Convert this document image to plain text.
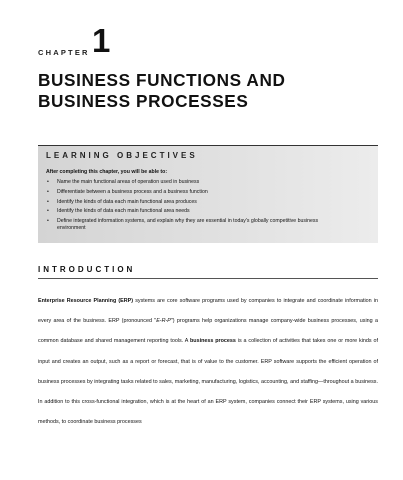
CHAPTER 1
BUSINESS FUNCTIONS AND
BUSINESS PROCESSES
LEARNING OBJECTIVES
After completing this chapter, you will be able to:
• Name the main functional areas of operation used in business
• Differentiate between a business process and a business function
• Identify the kinds of data each main functional area produces
• Identify the kinds of data each main functional area needs
• Define integrated information systems, and explain why they are essential in today's globally competitive business environment
INTRODUCTION

Enterprise Resource Planning (ERP) systems are core software programs used by companies to integrate and coordinate information in every area of the business. ERP (pronounced "E-R-P") programs help organizations manage company-wide business processes, using a common database and shared management reporting tools. A business process is a collection of activities that takes one or more kinds of input and creates an output, such as a report or forecast, that is of value to the customer. ERP software supports the efficient operation of business processes by integrating tasks related to sales, marketing, manufacturing, logistics, accounting, and staffing—throughout a business. In addition to this cross-functional integration, which is at the heart of an ERP system, companies connect their ERP systems, using various methods, to coordinate business processes
